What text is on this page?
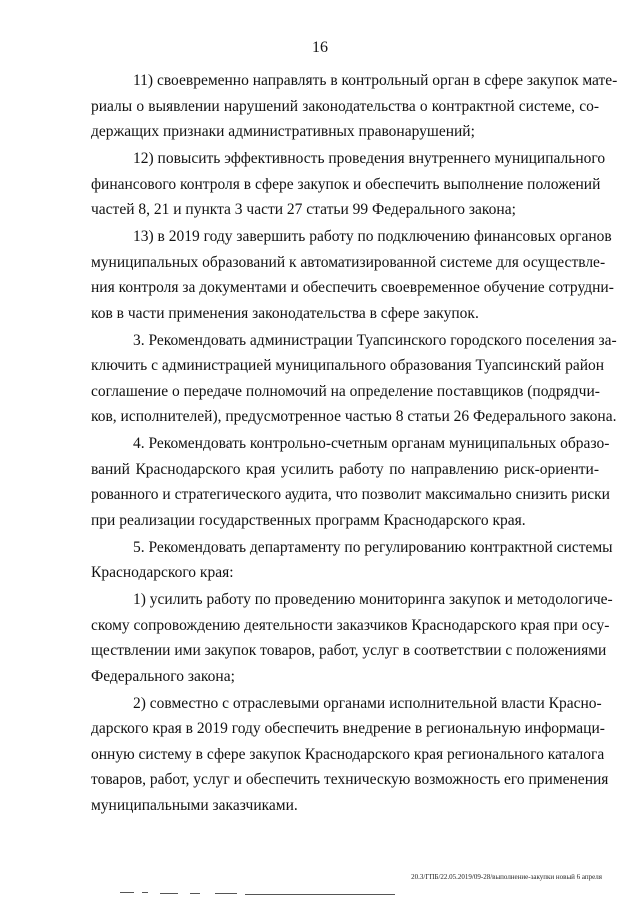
16
11) своевременно направлять в контрольный орган в сфере закупок мате-
риалы о выявлении нарушений законодательства о контрактной системе, со-
держащих признаки административных правонарушений;
12) повысить эффективность проведения внутреннего муниципального
финансового контроля в сфере закупок и обеспечить выполнение положений
частей 8, 21 и пункта 3 части 27 статьи 99 Федерального закона;
13) в 2019 году завершить работу по подключению финансовых органов
муниципальных образований к автоматизированной системе для осуществле-
ния контроля за документами и обеспечить своевременное обучение сотрудни-
ков в части применения законодательства в сфере закупок.
3. Рекомендовать администрации Туапсинского городского поселения за-
ключить с администрацией муниципального образования Туапсинский район
соглашение о передаче полномочий на определение поставщиков (подрядчи-
ков, исполнителей), предусмотренное частью 8 статьи 26 Федерального закона.
4. Рекомендовать контрольно-счетным органам муниципальных образо-
ваний Краснодарского края усилить работу по направлению риск-ориенти-
рованного и стратегического аудита, что позволит максимально снизить риски
при реализации государственных программ Краснодарского края.
5. Рекомендовать департаменту по регулированию контрактной системы
Краснодарского края:
1) усилить работу по проведению мониторинга закупок и методологиче-
скому сопровождению деятельности заказчиков Краснодарского края при осу-
ществлении ими закупок товаров, работ, услуг в соответствии с положениями
Федерального закона;
2) совместно с отраслевыми органами исполнительной власти Красно-
дарского края в 2019 году обеспечить внедрение в региональную информаци-
онную систему в сфере закупок Краснодарского края регионального каталога
товаров, работ, услуг и обеспечить техническую возможность его применения
муниципальными заказчиками.
20.3/ГПБ/22.05.2019/09-28/выполнение-закупки новый 6 апреля
